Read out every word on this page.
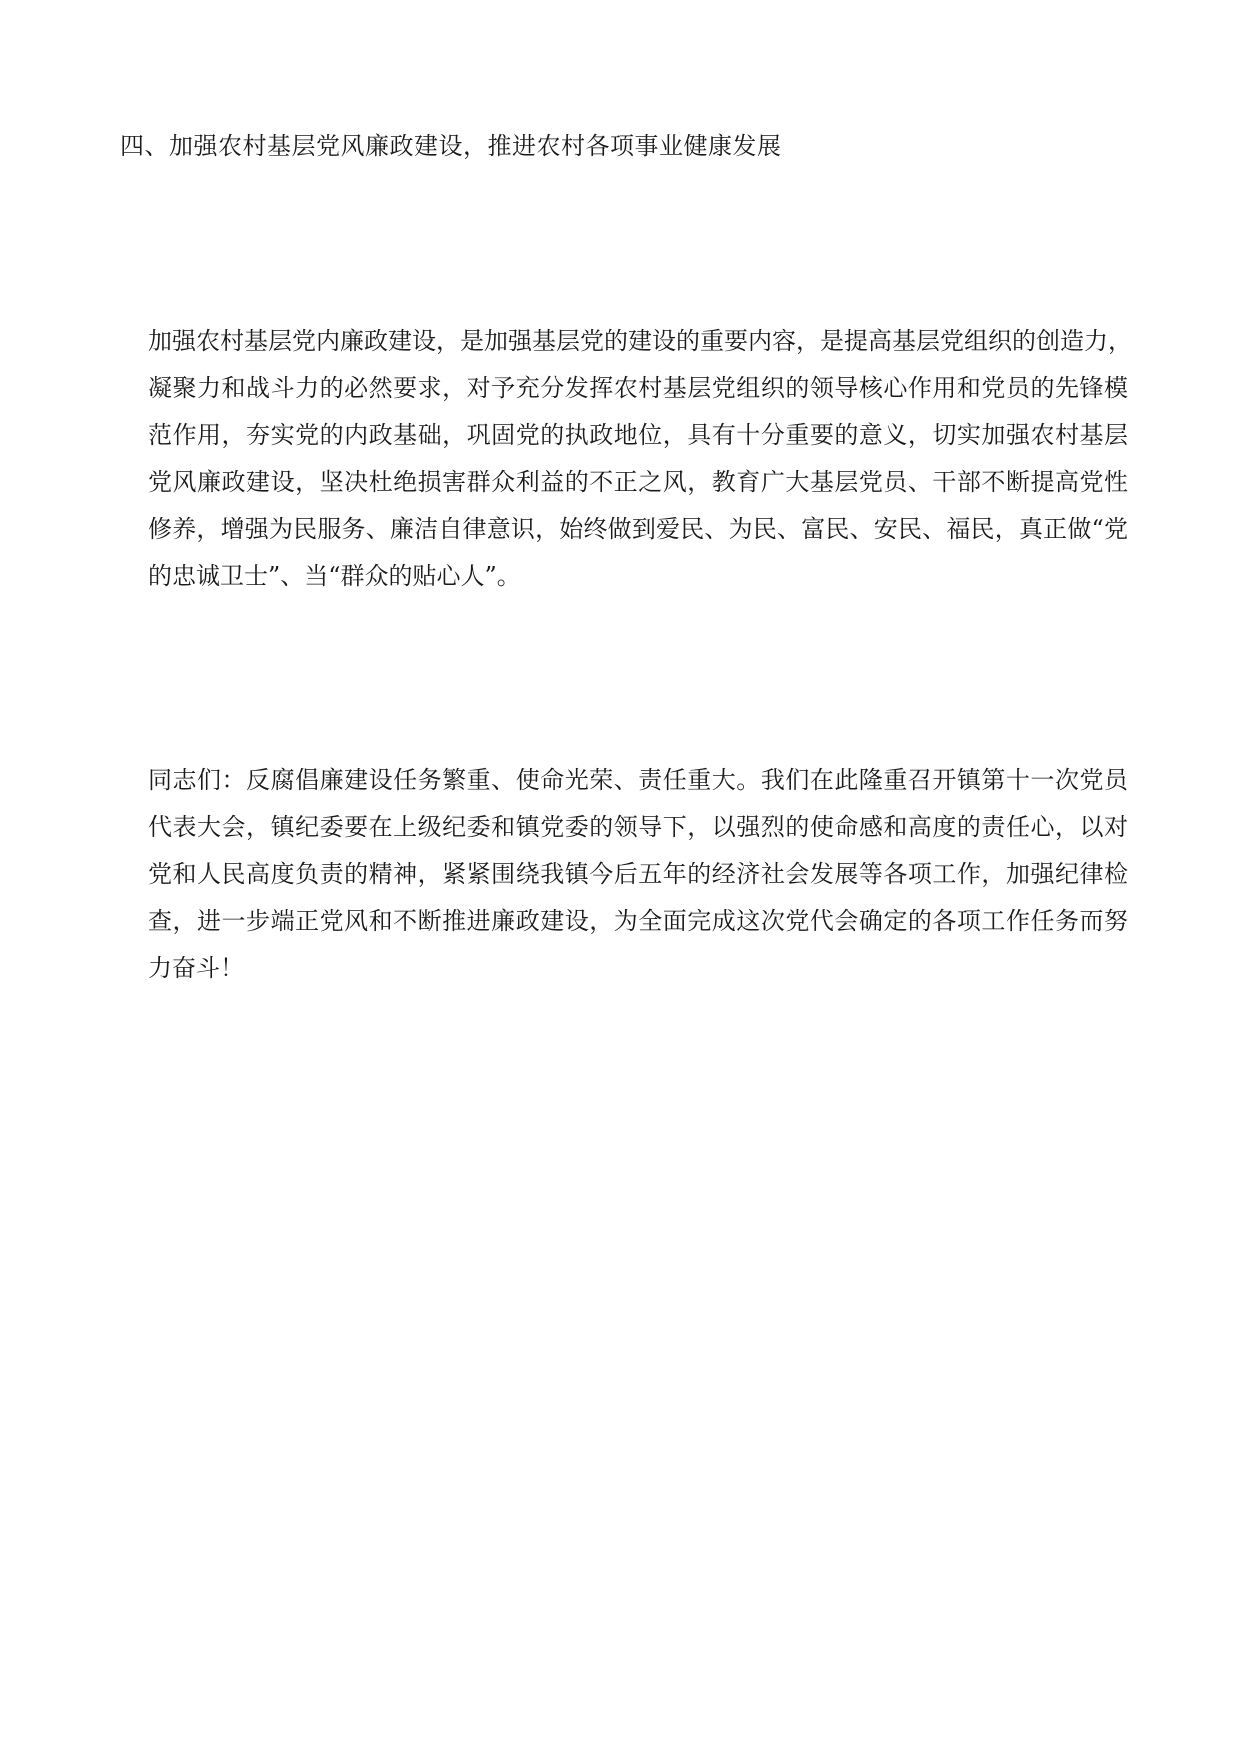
四、加强农村基层党风廉政建设，推进农村各项事业健康发展

加强农村基层党内廉政建设，是加强基层党的建设的重要内容，是提高基层党组织的创造力，
凝聚力和战斗力的必然要求，对予充分发挥农村基层党组织的领导核心作用和党员的先锋模
范作用，夯实党的内政基础，巩固党的执政地位，具有十分重要的意义，切实加强农村基层
党风廉政建设，坚决杜绝损害群众利益的不正之风，教育广大基层党员、干部不断提高党性
修养，增强为民服务、廉洁自律意识，始终做到爱民、为民、富民、安民、福民，真正做“党
的忠诚卫士”、当“群众的贴心人”。

同志们：反腐倡廉建设任务繁重、使命光荣、责任重大。我们在此隆重召开镇第十一次党员
代表大会，镇纪委要在上级纪委和镇党委的领导下，以强烈的使命感和高度的责任心，以对
党和人民高度负责的精神，紧紧围绕我镇今后五年的经济社会发展等各项工作，加强纪律检
查，进一步端正党风和不断推进廉政建设，为全面完成这次党代会确定的各项工作任务而努
力奋斗！
